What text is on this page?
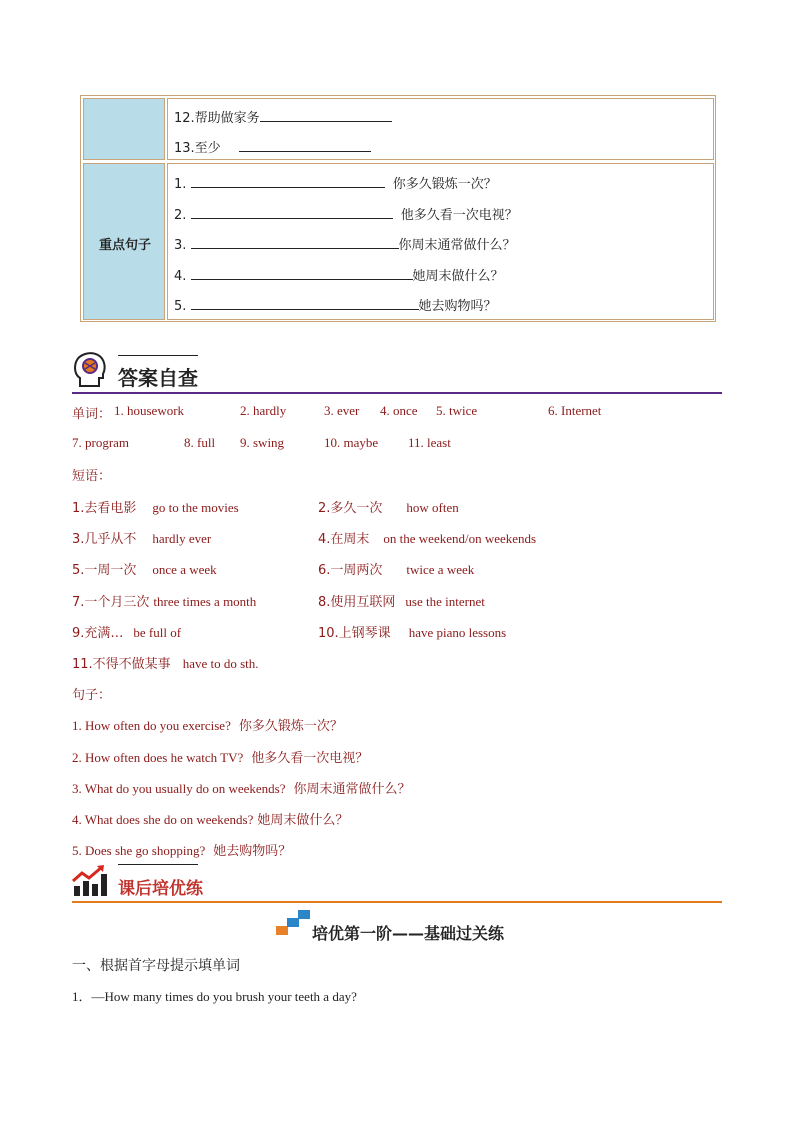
12.帮助做家务
13.至少
重点句子
1.	你多久锻炼一次？
2.	他多久看一次电视？
3.	你周末通常做什么？
4.	她周末做什么？
5.	她去购物吗？
答案自查
单词： 1. housework	2. hardly	3. ever 4. once 5. twice	6. Internet
7. program	8. full 9. swing	10. maybe 11. least
短语：
1.去看电影 go to the movies	2.多久一次 how often
3.几乎从不 hardly ever	4.在周末 on the weekend/on weekends
5.一周一次 once a week	6.一周两次 twice a week
7.一个月三次 three times a month	8.使用互联网 use the internet
9.充满… be full of	10.上钢琴课 have piano lessons
11.不得不做某事 have to do sth.
句子：
1. How often do you exercise? 你多久锻炼一次？
2. How often does he watch TV? 他多久看一次电视？
3. What do you usually do on weekends? 你周末通常做什么？
4. What does she do on weekends? 她周末做什么？
5. Does she go shopping? 她去购物吗？
课后培优练
培优第一阶——基础过关练
一、根据首字母提示填单词
1．—How many times do you brush your teeth a day?
